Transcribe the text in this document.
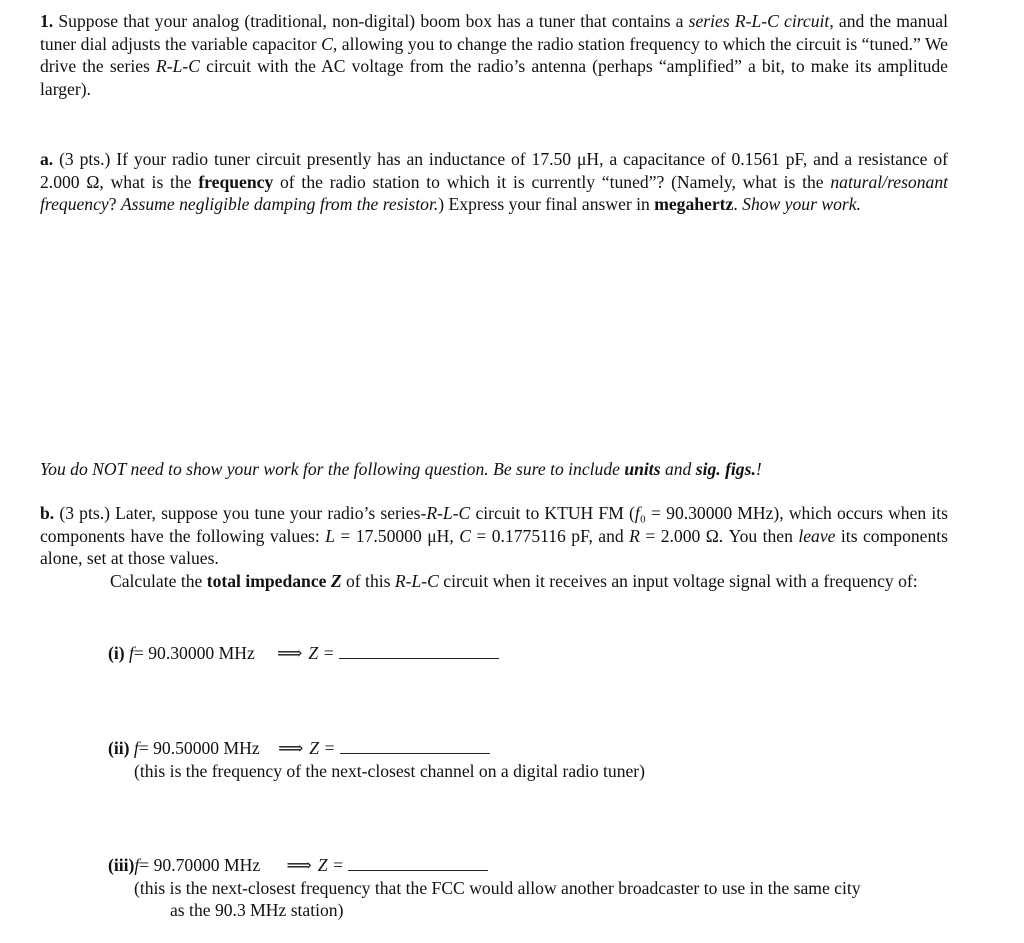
1. Suppose that your analog (traditional, non-digital) boom box has a tuner that contains a series R-L-C circuit, and the manual tuner dial adjusts the variable capacitor C, allowing you to change the radio station frequency to which the circuit is “tuned.” We drive the series R-L-C circuit with the AC voltage from the radio’s antenna (perhaps “amplified” a bit, to make its amplitude larger).
a. (3 pts.) If your radio tuner circuit presently has an inductance of 17.50 μH, a capacitance of 0.1561 pF, and a resistance of 2.000 Ω, what is the frequency of the radio station to which it is currently “tuned”? (Namely, what is the natural/resonant frequency? Assume negligible damping from the resistor.) Express your final answer in megahertz. Show your work.
You do NOT need to show your work for the following question. Be sure to include units and sig. figs.!
b. (3 pts.) Later, suppose you tune your radio’s series-R-L-C circuit to KTUH FM (f₀ = 90.30000 MHz), which occurs when its components have the following values: L = 17.50000 μH, C = 0.1775116 pF, and R = 2.000 Ω. You then leave its components alone, set at those values.
Calculate the total impedance Z of this R-L-C circuit when it receives an input voltage signal with a frequency of:
(i) f= 90.30000 MHz ⟹ Z =
(ii) f= 90.50000 MHz ⟹ Z =
(this is the frequency of the next-closest channel on a digital radio tuner)
(iii)f= 90.70000 MHz ⟹ Z =
(this is the next-closest frequency that the FCC would allow another broadcaster to use in the same city
as the 90.3 MHz station)
